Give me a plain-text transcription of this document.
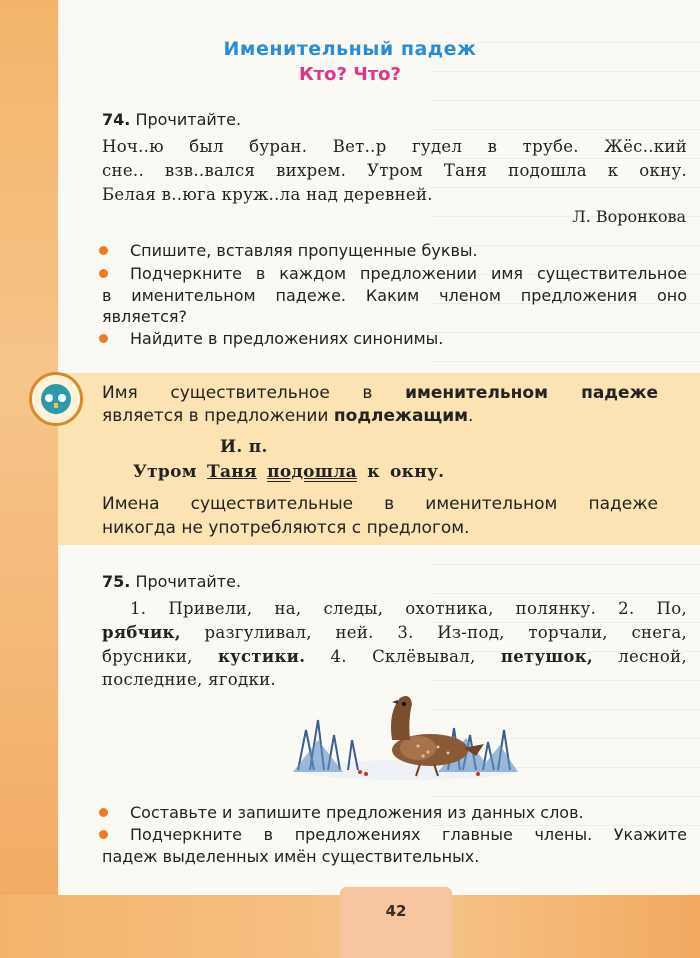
Именительный падеж
Кто? Что?
74. Прочитайте.
Ноч..ю был буран. Вет..р гудел в трубе. Жёс..кий
сне.. взв..вался вихрем. Утром Таня подошла к окну.
Белая в..юга круж..ла над деревней.
Л. Воронкова
Спишите, вставляя пропущенные буквы.
Подчеркните в каждом предложении имя существительное
в именительном падеже. Каким членом предложения оно
является?
Найдите в предложениях синонимы.
Имя существительное в именительном падеже
является в предложении подлежащим.
И. п.
Утром Таня подошла к окну.
Имена существительные в именительном падеже
никогда не употребляются с предлогом.
75. Прочитайте.
1. Привели, на, следы, охотника, полянку. 2. По,
рябчик, разгуливал, ней. 3. Из-под, торчали, снега,
брусники, кустики. 4. Склёвывал, петушок, лесной,
последние, ягодки.
Составьте и запишите предложения из данных слов.
Подчеркните в предложениях главные члены. Укажите
падеж выделенных имён существительных.
42
